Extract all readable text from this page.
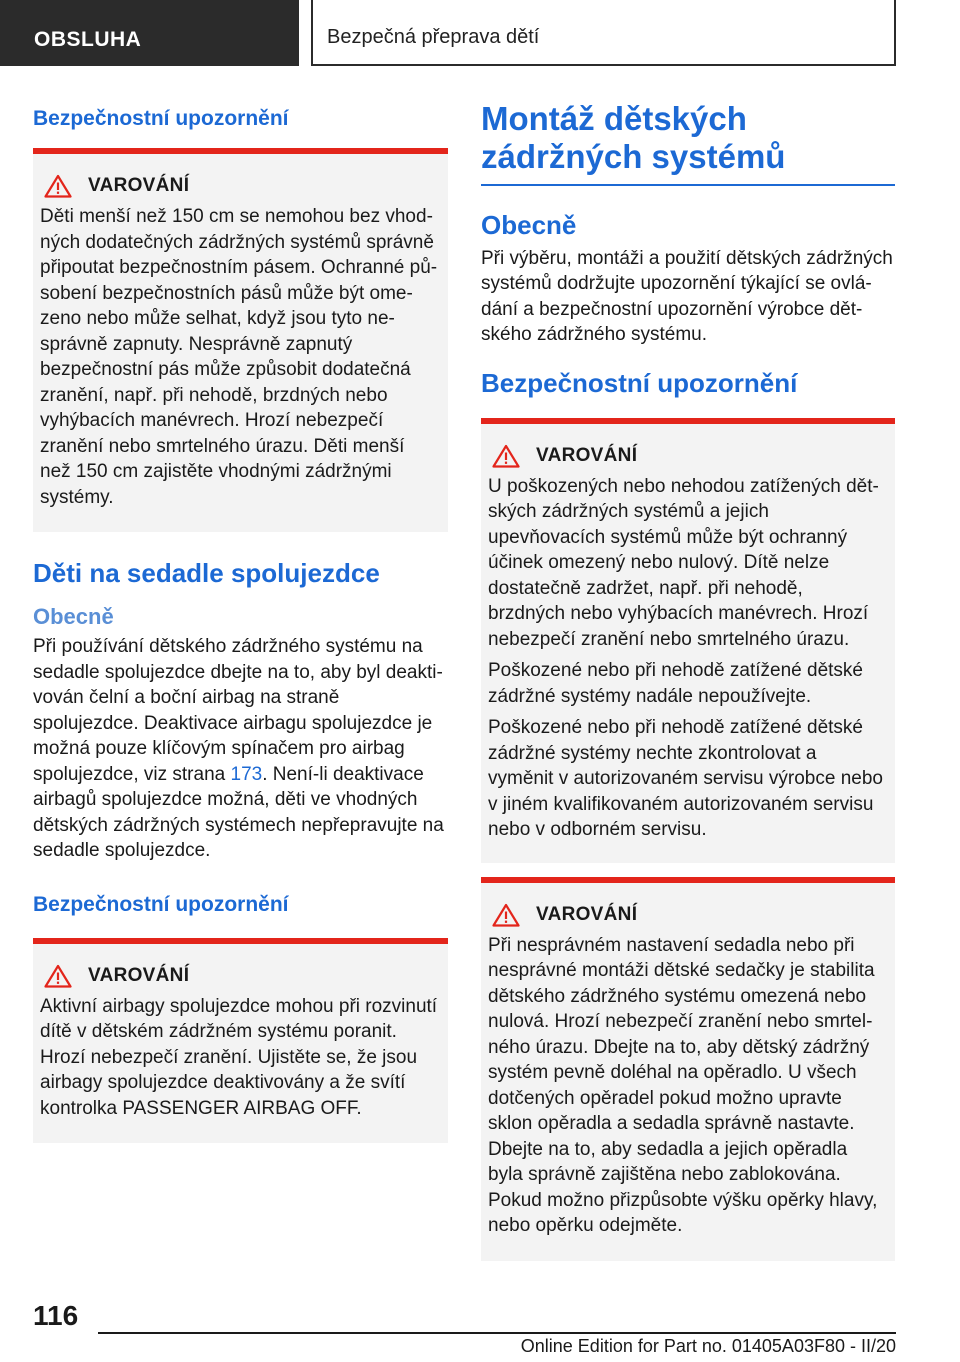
OBSLUHA	Bezpečná přeprava dětí
Bezpečnostní upozornění
VAROVÁNÍ
Děti menší než 150 cm se nemohou bez vhodných dodatečných zádržných systémů správně připoutat bezpečnostním pásem. Ochranné působení bezpečnostních pásů může být omezeno nebo může selhat, když jsou tyto nesprávně zapnuty. Nesprávně zapnutý bezpečnostní pás může způsobit dodatečná zranění, např. při nehodě, brzdných nebo vyhýbacích manévrech. Hrozí nebezpečí zranění nebo smrtelného úrazu. Děti menší než 150 cm zajistěte vhodnými zádržnými systémy.
Děti na sedadle spolujezdce
Obecně
Při používání dětského zádržného systému na sedadle spolujezdce dbejte na to, aby byl deaktivován čelní a boční airbag na straně spolujezdce. Deaktivace airbagu spolujezdce je možná pouze klíčovým spínačem pro airbag spolujezdce, viz strana 173. Není-li deaktivace airbagů spolujezdce možná, děti ve vhodných dětských zádržných systémech nepřepravujte na sedadle spolujezdce.
Bezpečnostní upozornění
VAROVÁNÍ
Aktivní airbagy spolujezdce mohou při rozvinutí dítě v dětském zádržném systému poranit. Hrozí nebezpečí zranění. Ujistěte se, že jsou airbagy spolujezdce deaktivovány a že svítí kontrolka PASSENGER AIRBAG OFF.
Montáž dětských zádržných systémů
Obecně
Při výběru, montáži a použití dětských zádržných systémů dodržujte upozornění týkající se ovládání a bezpečnostní upozornění výrobce dětského zádržného systému.
Bezpečnostní upozornění
VAROVÁNÍ
U poškozených nebo nehodou zatížených dětských zádržných systémů a jejich upevňovacích systémů může být ochranný účinek omezený nebo nulový. Dítě nelze dostatečně zadržet, např. při nehodě, brzdných nebo vyhýbacích manévrech. Hrozí nebezpečí zranění nebo smrtelného úrazu.
Poškozené nebo při nehodě zatížené dětské zádržné systémy nadále nepoužívejte.
Poškozené nebo při nehodě zatížené dětské zádržné systémy nechte zkontrolovat a vyměnit v autorizovaném servisu výrobce nebo v jiném kvalifikovaném autorizovaném servisu nebo v odborném servisu.
VAROVÁNÍ
Při nesprávném nastavení sedadla nebo při nesprávné montáži dětské sedačky je stabilita dětského zádržného systému omezená nebo nulová. Hrozí nebezpečí zranění nebo smrtelného úrazu. Dbejte na to, aby dětský zádržný systém pevně doléhal na opěradlo. U všech dotčených opěradel pokud možno upravte sklon opěradla a sedadla správně nastavte. Dbejte na to, aby sedadla a jejich opěradla byla správně zajištěna nebo zablokována. Pokud možno přizpůsobte výšku opěrky hlavy, nebo opěrku odejměte.
116
Online Edition for Part no. 01405A03F80 - II/20
